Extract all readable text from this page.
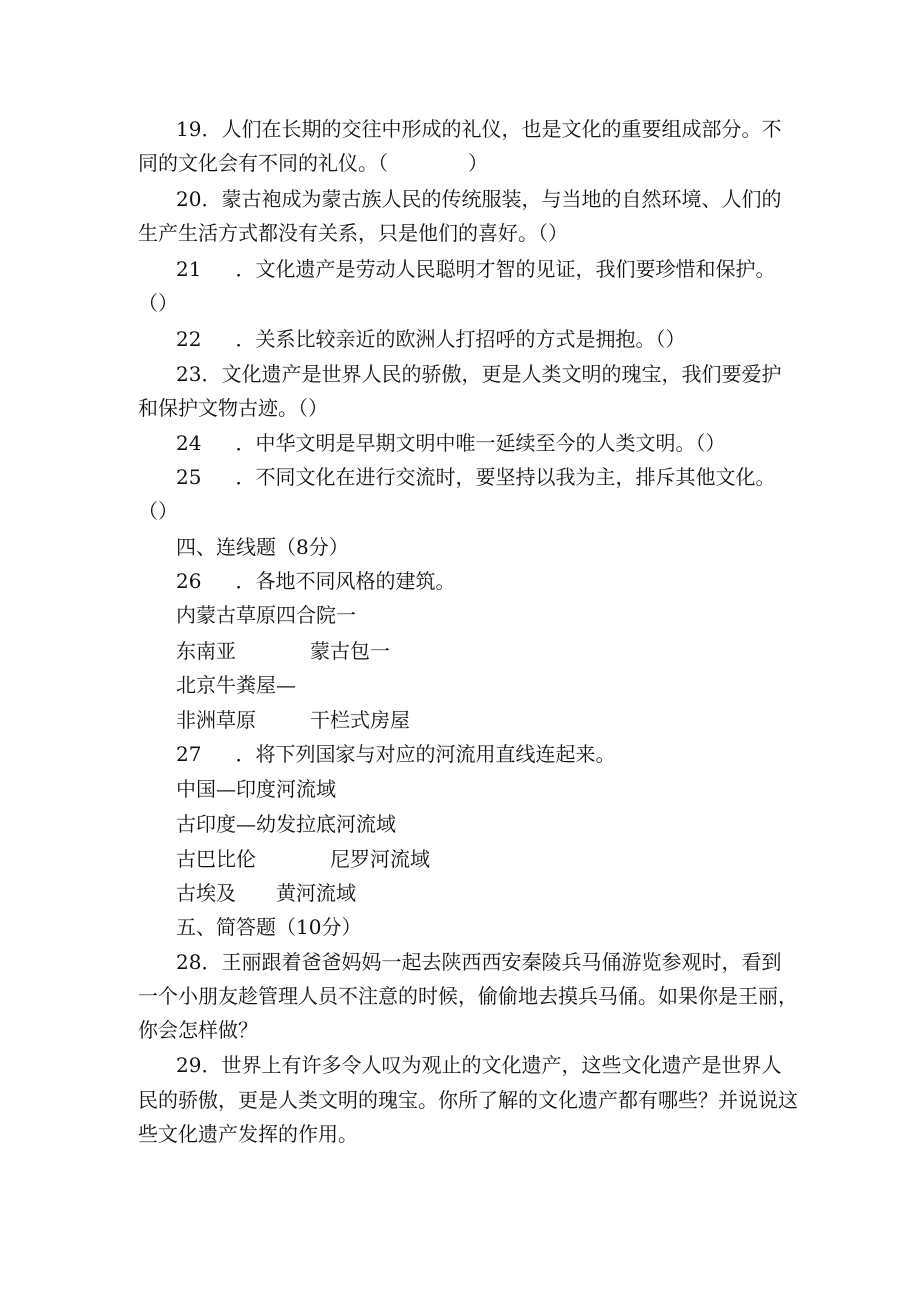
19．人们在长期的交往中形成的礼仪，也是文化的重要组成部分。不
同的文化会有不同的礼仪。（　　　　）
20．蒙古袍成为蒙古族人民的传统服装，与当地的自然环境、人们的
生产生活方式都没有关系，只是他们的喜好。（）
21 ．文化遗产是劳动人民聪明才智的见证，我们要珍惜和保护。
（）
22 ．关系比较亲近的欧洲人打招呼的方式是拥抱。（）
23．文化遗产是世界人民的骄傲，更是人类文明的瑰宝，我们要爱护
和保护文物古迹。（）
24 ．中华文明是早期文明中唯一延续至今的人类文明。（）
25 ．不同文化在进行交流时，要坚持以我为主，排斥其他文化。
（）
四、连线题（8分）
26 ．各地不同风格的建筑。
内蒙古草原四合院一
东南亚	蒙古包一
北京牛粪屋—
非洲草原	干栏式房屋
27 ．将下列国家与对应的河流用直线连起来。
中国—印度河流域
古印度—幼发拉底河流域
古巴比伦	尼罗河流域
古埃及 黄河流域
五、简答题（10分）
28．王丽跟着爸爸妈妈一起去陕西西安秦陵兵马俑游览参观时，看到
一个小朋友趁管理人员不注意的时候，偷偷地去摸兵马俑。如果你是王丽，
你会怎样做？
29．世界上有许多令人叹为观止的文化遗产，这些文化遗产是世界人
民的骄傲，更是人类文明的瑰宝。你所了解的文化遗产都有哪些？并说说这
些文化遗产发挥的作用。
